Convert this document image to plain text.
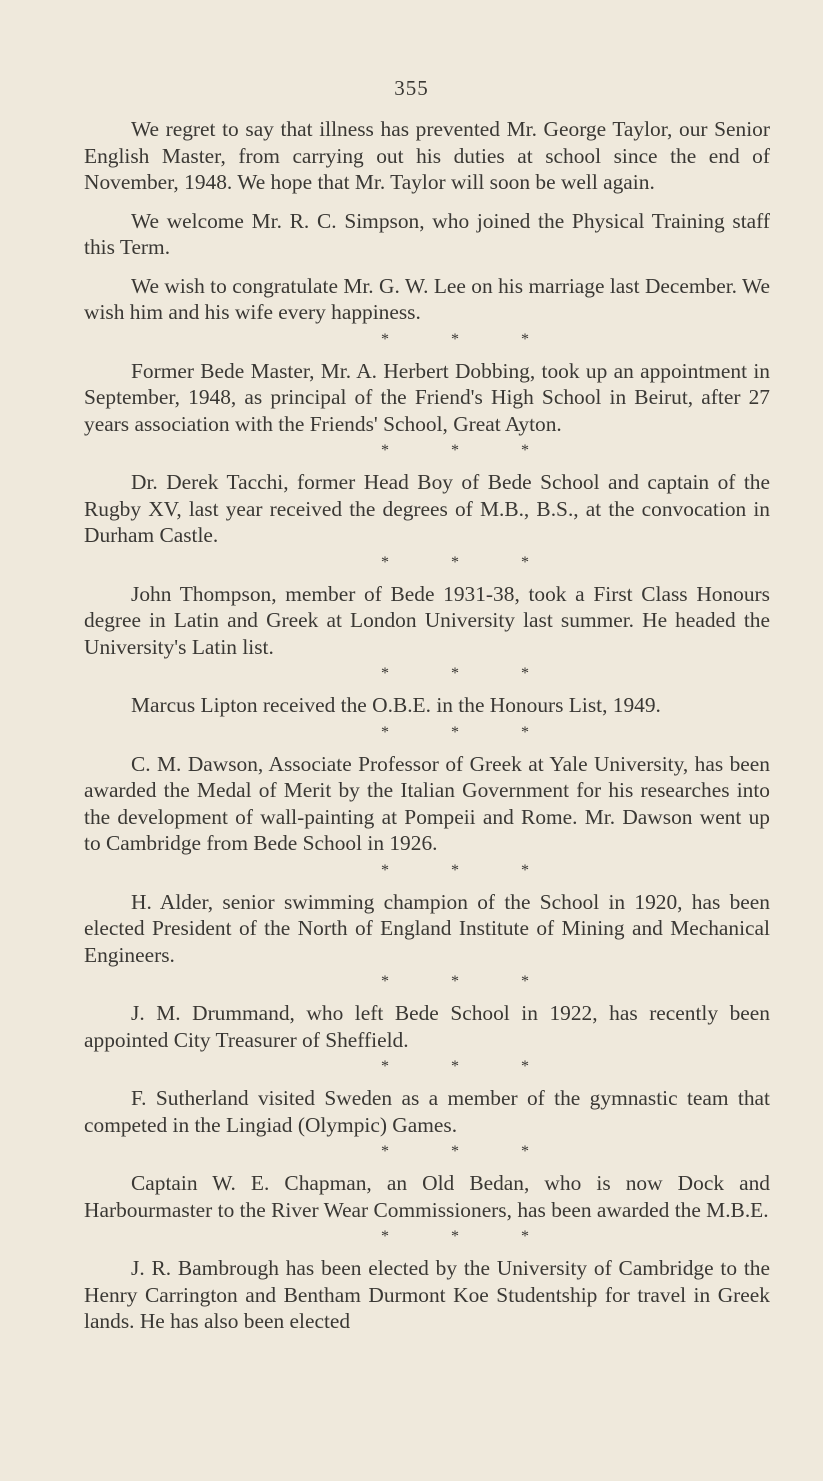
355

We regret to say that illness has prevented Mr. George Taylor, our Senior English Master, from carrying out his duties at school since the end of November, 1948. We hope that Mr. Taylor will soon be well again.

We welcome Mr. R. C. Simpson, who joined the Physical Training staff this Term.

We wish to congratulate Mr. G. W. Lee on his marriage last December. We wish him and his wife every happiness.

*	*	*

Former Bede Master, Mr. A. Herbert Dobbing, took up an appointment in September, 1948, as principal of the Friend's High School in Beirut, after 27 years association with the Friends' School, Great Ayton.

*	*	*

Dr. Derek Tacchi, former Head Boy of Bede School and captain of the Rugby XV, last year received the degrees of M.B., B.S., at the convocation in Durham Castle.

*	*	*

John Thompson, member of Bede 1931-38, took a First Class Honours degree in Latin and Greek at London University last summer. He headed the University's Latin list.

*	*	*

Marcus Lipton received the O.B.E. in the Honours List, 1949.

*	*	*

C. M. Dawson, Associate Professor of Greek at Yale University, has been awarded the Medal of Merit by the Italian Government for his researches into the development of wall-painting at Pompeii and Rome. Mr. Dawson went up to Cambridge from Bede School in 1926.

*	*	*

H. Alder, senior swimming champion of the School in 1920, has been elected President of the North of England Institute of Mining and Mechanical Engineers.

*	*	*

J. M. Drummand, who left Bede School in 1922, has recently been appointed City Treasurer of Sheffield.

*	*	*

F. Sutherland visited Sweden as a member of the gymnastic team that competed in the Lingiad (Olympic) Games.

*	*	*

Captain W. E. Chapman, an Old Bedan, who is now Dock and Harbourmaster to the River Wear Commissioners, has been awarded the M.B.E.

*	*	*

J. R. Bambrough has been elected by the University of Cambridge to the Henry Carrington and Bentham Durmont Koe Studentship for travel in Greek lands. He has also been elected
